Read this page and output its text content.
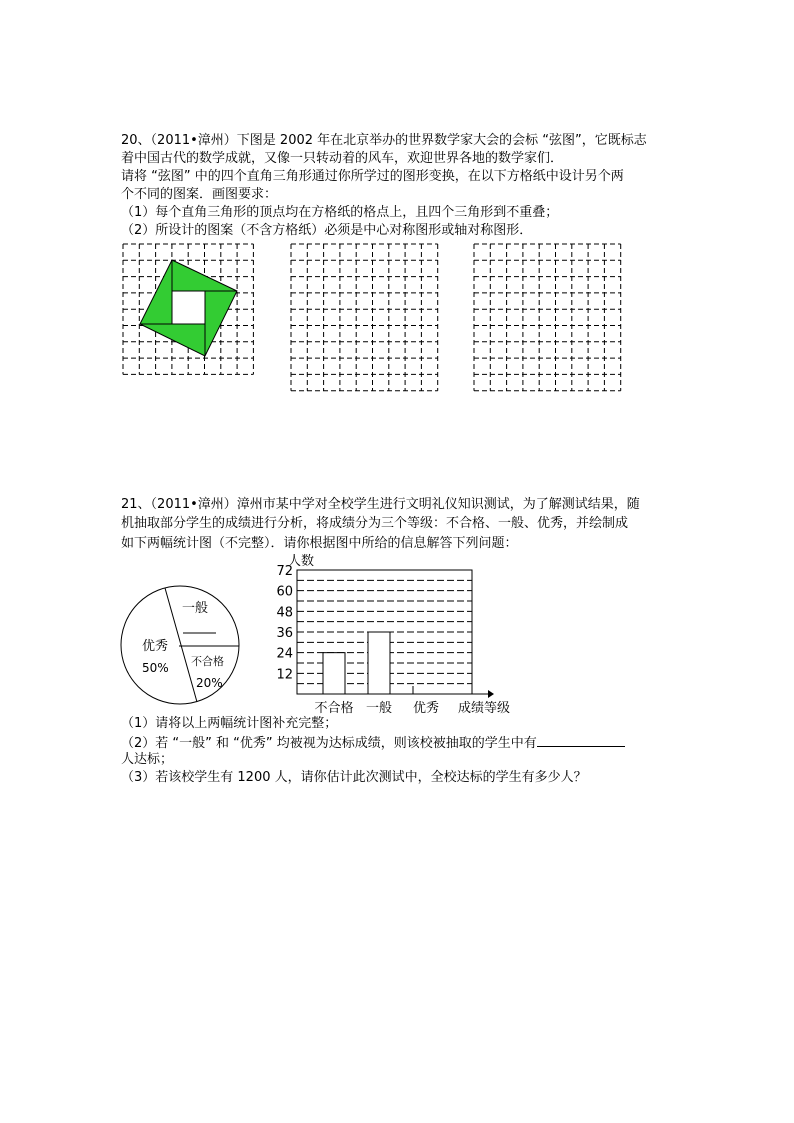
20、（2011•漳州）下图是 2002 年在北京举办的世界数学家大会的会标 “弦图”，它既标志
着中国古代的数学成就，又像一只转动着的风车，欢迎世界各地的数学家们．
请将 “弦图” 中的四个直角三角形通过你所学过的图形变换，在以下方格纸中设计另个两
个不同的图案．画图要求：
（1）每个直角三角形的顶点均在方格纸的格点上，且四个三角形到不重叠；
（2）所设计的图案（不含方格纸）必须是中心对称图形或轴对称图形．
21、（2011•漳州）漳州市某中学对全校学生进行文明礼仪知识测试，为了解测试结果，随
机抽取部分学生的成绩进行分析，将成绩分为三个等级：不合格、一般、优秀，并绘制成
如下两幅统计图（不完整）．请你根据图中所给的信息解答下列问题：
一般
优秀
50% 不合格
20%
人数
成绩等级
12
24
36
48
60
72
不合格 一般 优秀
（1）请将以上两幅统计图补充完整；
（2）若 “一般” 和 “优秀” 均被视为达标成绩，则该校被抽取的学生中有
人达标；
（3）若该校学生有 1200 人，请你估计此次测试中，全校达标的学生有多少人？
